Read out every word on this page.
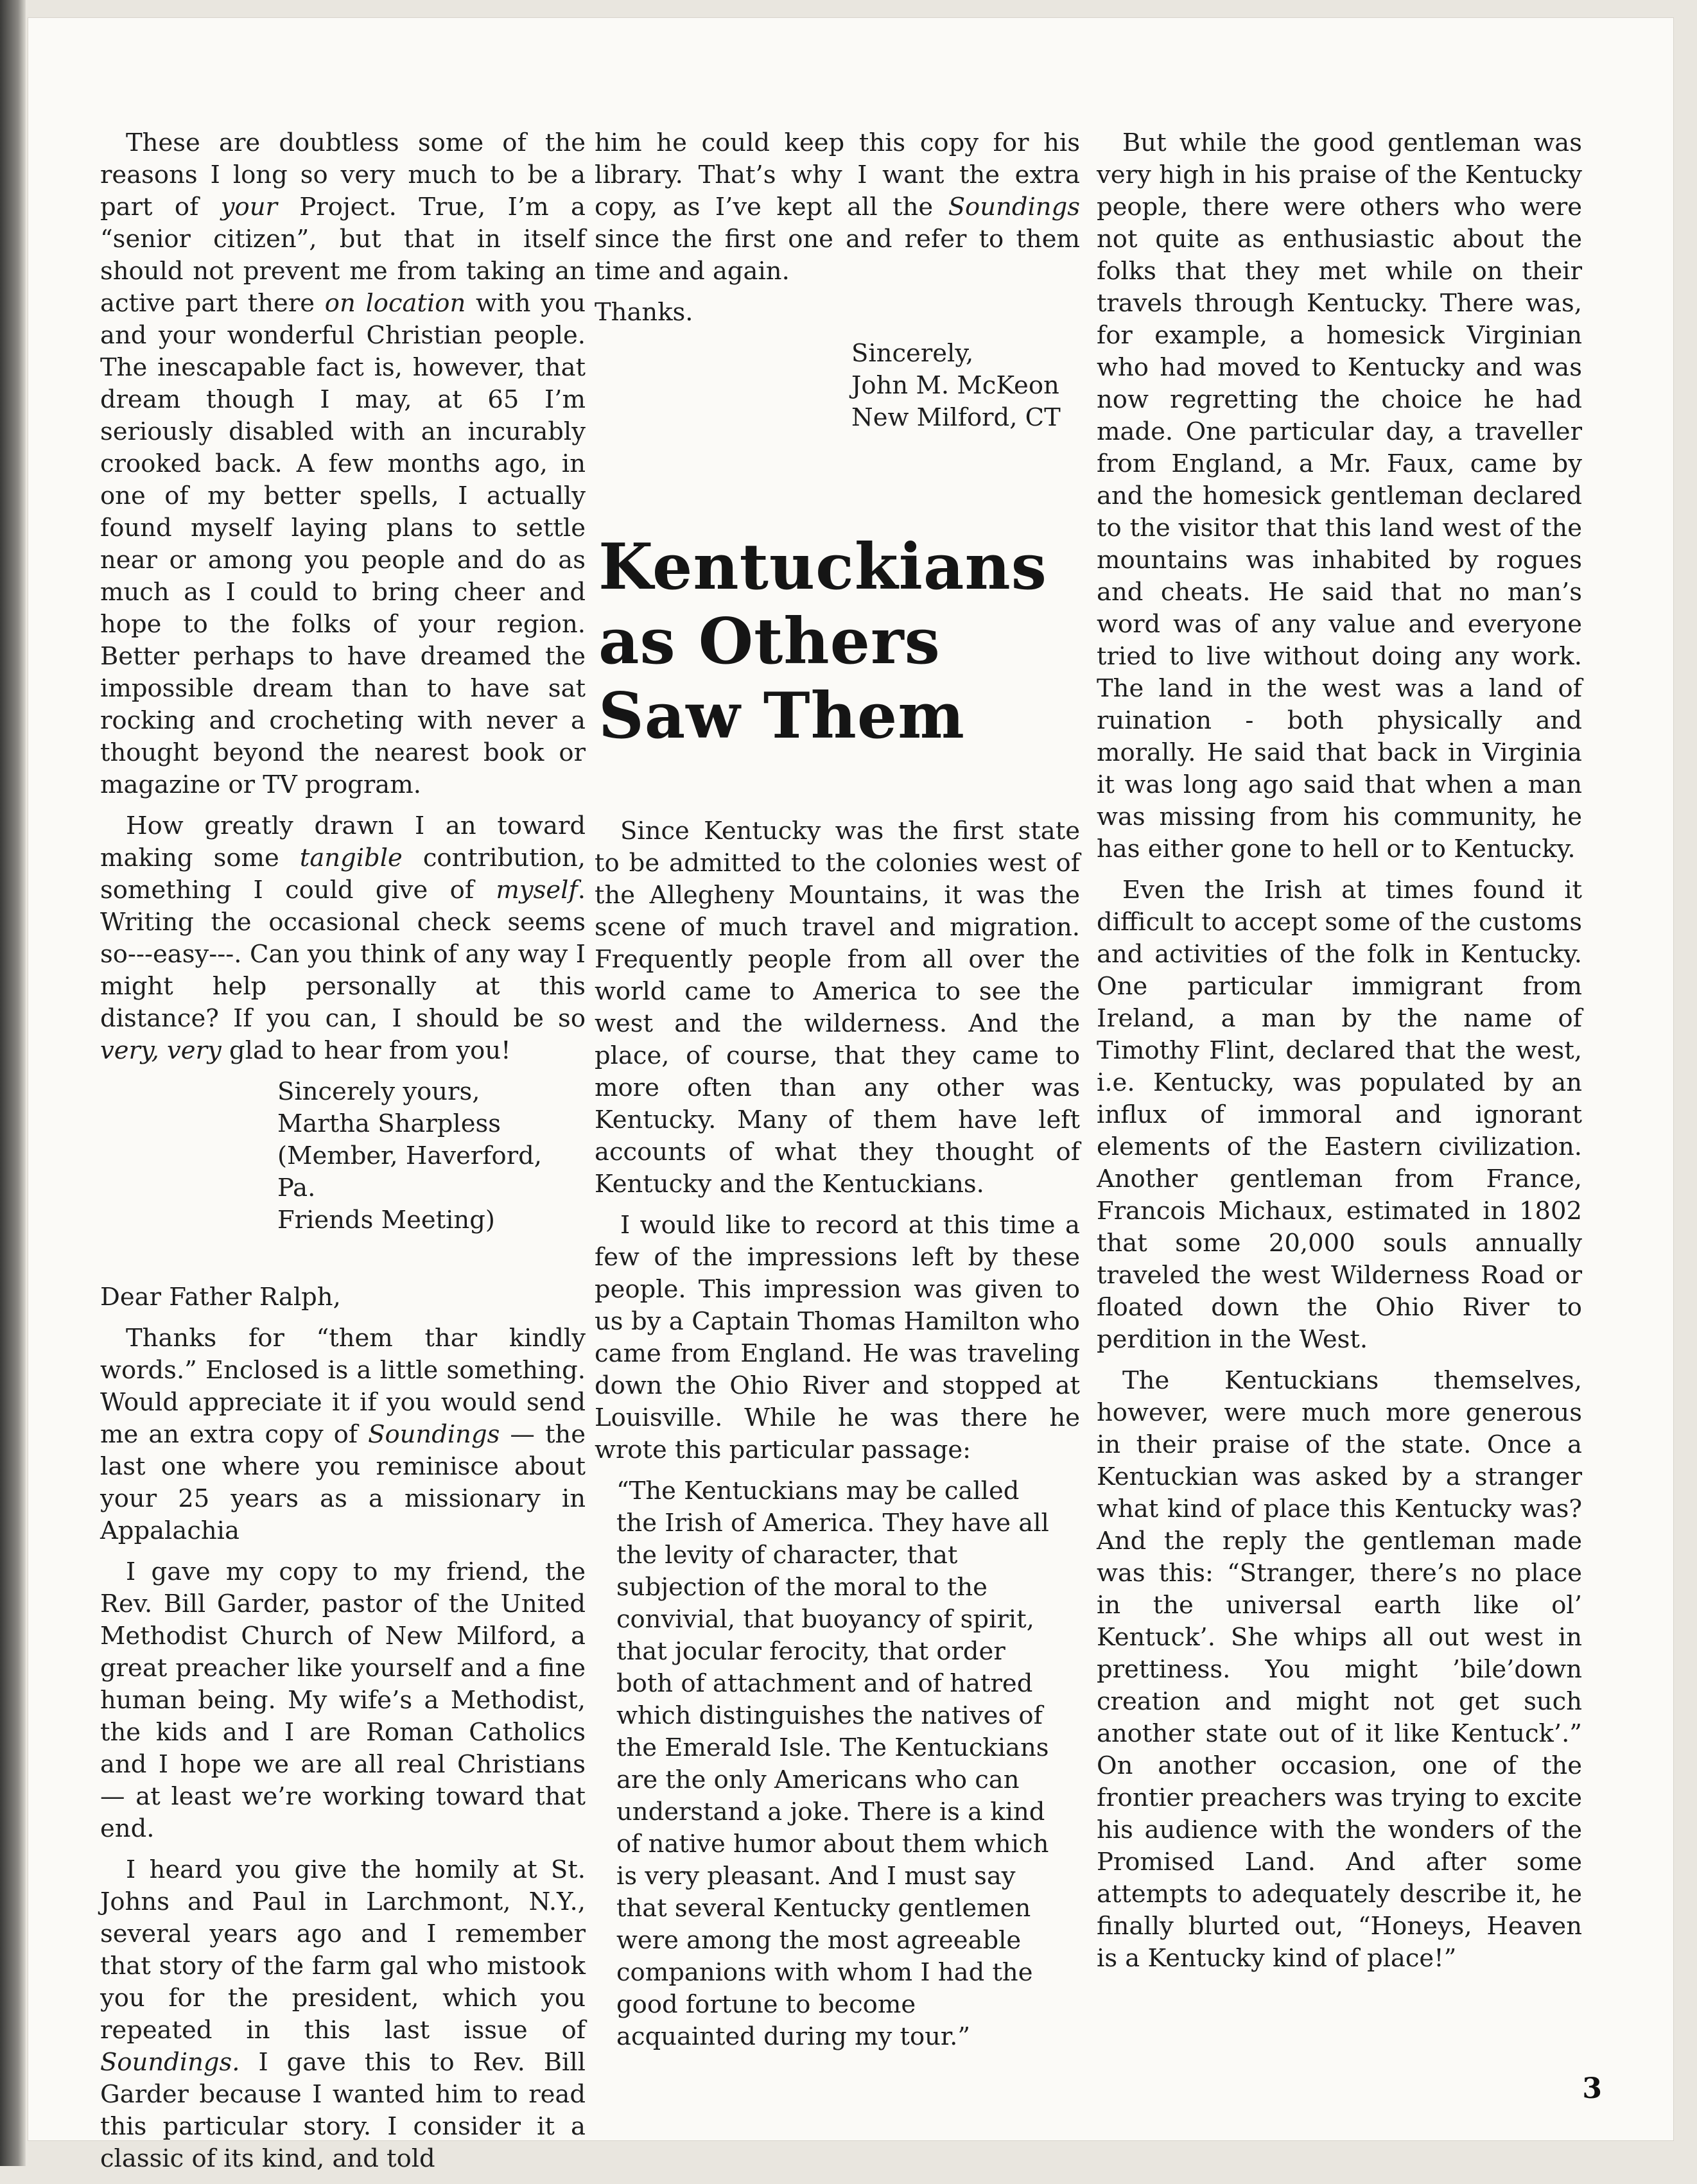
These are doubtless some of the reasons I long so very much to be a part of your Project. True, I’m a “senior citizen”, but that in itself should not prevent me from taking an active part there on location with you and your wonderful Christian people. The inescapable fact is, however, that dream though I may, at 65 I’m seriously disabled with an incurably crooked back. A few months ago, in one of my better spells, I actually found myself laying plans to settle near or among you people and do as much as I could to bring cheer and hope to the folks of your region. Better perhaps to have dreamed the impossible dream than to have sat rocking and crocheting with never a thought beyond the nearest book or magazine or TV program.

How greatly drawn I an toward making some tangible contribution, something I could give of myself. Writing the occasional check seems so---easy---. Can you think of any way I might help personally at this distance? If you can, I should be so very, very glad to hear from you!

Sincerely yours,
Martha Sharpless
(Member, Haverford, Pa.
Friends Meeting)

Dear Father Ralph,

Thanks for “them thar kindly words.” Enclosed is a little something. Would appreciate it if you would send me an extra copy of Soundings — the last one where you reminisce about your 25 years as a missionary in Appalachia

I gave my copy to my friend, the Rev. Bill Garder, pastor of the United Methodist Church of New Milford, a great preacher like yourself and a fine human being. My wife’s a Methodist, the kids and I are Roman Catholics and I hope we are all real Christians — at least we’re working toward that end.

I heard you give the homily at St. Johns and Paul in Larchmont, N.Y., several years ago and I remember that story of the farm gal who mistook you for the president, which you repeated in this last issue of Soundings. I gave this to Rev. Bill Garder because I wanted him to read this particular story. I consider it a classic of its kind, and told

him he could keep this copy for his library. That’s why I want the extra copy, as I’ve kept all the Soundings since the first one and refer to them time and again.

Thanks.

Sincerely,
John M. McKeon
New Milford, CT
Kentuckians
as Others
Saw Them

Since Kentucky was the first state to be admitted to the colonies west of the Allegheny Mountains, it was the scene of much travel and migration. Frequently people from all over the world came to America to see the west and the wilderness. And the place, of course, that they came to more often than any other was Kentucky. Many of them have left accounts of what they thought of Kentucky and the Kentuckians.

I would like to record at this time a few of the impressions left by these people. This impression was given to us by a Captain Thomas Hamilton who came from England. He was traveling down the Ohio River and stopped at Louisville. While he was there he wrote this particular passage:

“The Kentuckians may be called the Irish of America. They have all the levity of character, that subjection of the moral to the convivial, that buoyancy of spirit, that jocular ferocity, that order both of attachment and of hatred which distinguishes the natives of the Emerald Isle. The Kentuckians are the only Americans who can understand a joke. There is a kind of native humor about them which is very pleasant. And I must say that several Kentucky gentlemen were among the most agreeable companions with whom I had the good fortune to become acquainted during my tour.”

But while the good gentleman was very high in his praise of the Kentucky people, there were others who were not quite as enthusiastic about the folks that they met while on their travels through Kentucky. There was, for example, a homesick Virginian who had moved to Kentucky and was now regretting the choice he had made. One particular day, a traveller from England, a Mr. Faux, came by and the homesick gentleman declared to the visitor that this land west of the mountains was inhabited by rogues and cheats. He said that no man’s word was of any value and everyone tried to live without doing any work. The land in the west was a land of ruination - both physically and morally. He said that back in Virginia it was long ago said that when a man was missing from his community, he has either gone to hell or to Kentucky.

Even the Irish at times found it difficult to accept some of the customs and activities of the folk in Kentucky. One particular immigrant from Ireland, a man by the name of Timothy Flint, declared that the west, i.e. Kentucky, was populated by an influx of immoral and ignorant elements of the Eastern civilization. Another gentleman from France, Francois Michaux, estimated in 1802 that some 20,000 souls annually traveled the west Wilderness Road or floated down the Ohio River to perdition in the West.

The Kentuckians themselves, however, were much more generous in their praise of the state. Once a Kentuckian was asked by a stranger what kind of place this Kentucky was? And the reply the gentleman made was this: “Stranger, there’s no place in the universal earth like ol’ Kentuck’. She whips all out west in prettiness. You might ’bile’down creation and might not get such another state out of it like Kentuck’.” On another occasion, one of the frontier preachers was trying to excite his audience with the wonders of the Promised Land. And after some attempts to adequately describe it, he finally blurted out, “Honeys, Heaven is a Kentucky kind of place!”

3
